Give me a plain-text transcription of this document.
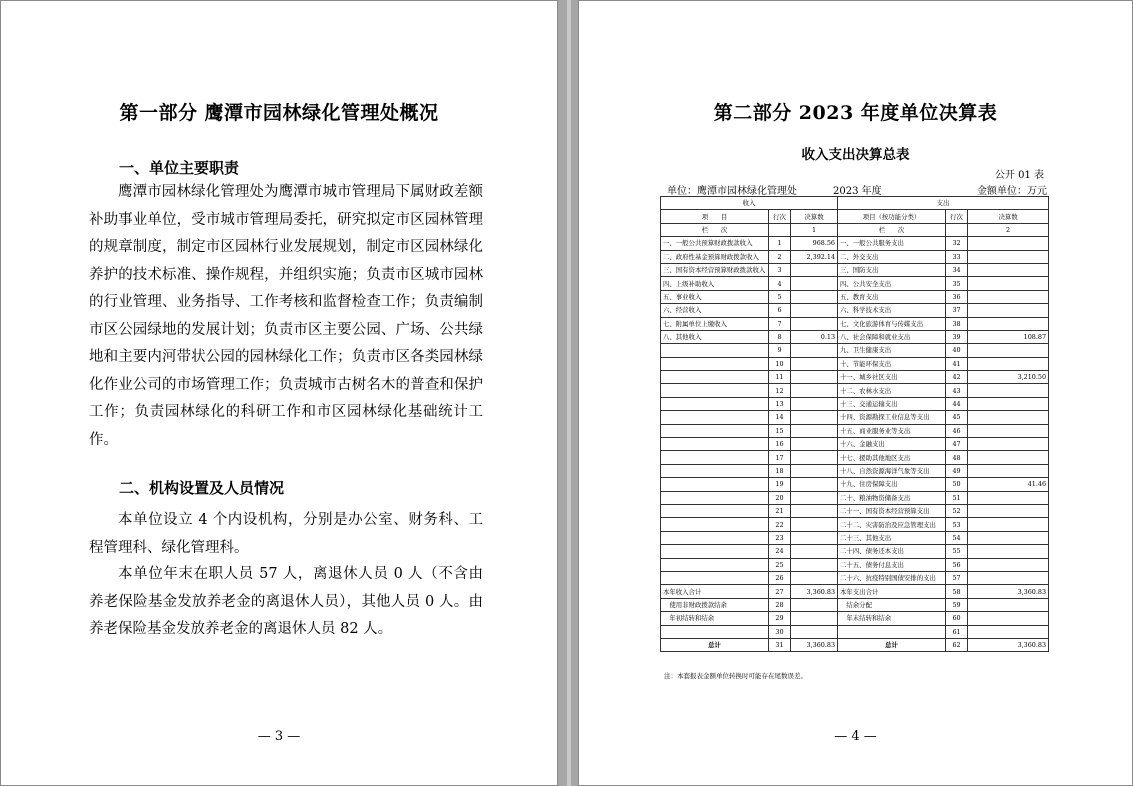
第一部分 鹰潭市园林绿化管理处概况
一、单位主要职责
鹰潭市园林绿化管理处为鹰潭市城市管理局下属财政差额补助事业单位，受市城市管理局委托，研究拟定市区园林管理的规章制度，制定市区园林行业发展规划，制定市区园林绿化养护的技术标准、操作规程，并组织实施；负责市区城市园林的行业管理、业务指导、工作考核和监督检查工作；负责编制市区公园绿地的发展计划；负责市区主要公园、广场、公共绿地和主要内河带状公园的园林绿化工作；负责市区各类园林绿化作业公司的市场管理工作；负责城市古树名木的普查和保护工作；负责园林绿化的科研工作和市区园林绿化基础统计工作。
二、机构设置及人员情况
本单位设立 4 个内设机构，分别是办公室、财务科、工程管理科、绿化管理科。
本单位年末在职人员 57 人，离退休人员 0 人（不含由养老保险基金发放养老金的离退休人员），其他人员 0 人。由养老保险基金发放养老金的离退休人员 82 人。
— 3 —
第二部分 2023 年度单位决算表
收入支出决算总表
公开 01 表
单位：鹰潭市园林绿化管理处	2023 年度	金额单位：万元
收入			支出		
项　　目	行次	决算数	项目（按功能分类）	行次	决算数
栏　　次		1	栏　　次		2
一、一般公共预算财政拨款收入	1	968.56	一、一般公共服务支出	32	
二、政府性基金预算财政拨款收入	2	2,392.14	二、外交支出	33	
三、国有资本经营预算财政拨款收入	3		三、国防支出	34	
四、上级补助收入	4		四、公共安全支出	35	
五、事业收入	5		五、教育支出	36	
六、经营收入	6		六、科学技术支出	37	
七、附属单位上缴收入	7		七、文化旅游体育与传媒支出	38	
八、其他收入	8	0.13	八、社会保障和就业支出	39	108.87
	9		九、卫生健康支出	40	
	10		十、节能环保支出	41	
	11		十一、城乡社区支出	42	3,210.50
	12		十二、农林水支出	43	
	13		十三、交通运输支出	44	
	14		十四、资源勘探工业信息等支出	45	
	15		十五、商业服务业等支出	46	
	16		十六、金融支出	47	
	17		十七、援助其他地区支出	48	
	18		十八、自然资源海洋气象等支出	49	
	19		十九、住房保障支出	50	41.46
	20		二十、粮油物资储备支出	51	
	21		二十一、国有资本经营预算支出	52	
	22		二十二、灾害防治及应急管理支出	53	
	23		二十三、其他支出	54	
	24		二十四、债务还本支出	55	
	25		二十五、债务付息支出	56	
	26		二十六、抗疫特别国债安排的支出	57	
本年收入合计	27	3,360.83	本年支出合计	58	3,360.83
　使用非财政拨款结余	28		　结余分配	59	
　年初结转和结余	29		　年末结转和结余	60	
	30			61	
总计	31	3,360.83	总计	62	3,360.83
注：本套报表金额单位转换时可能存在尾数误差。
— 4 —
